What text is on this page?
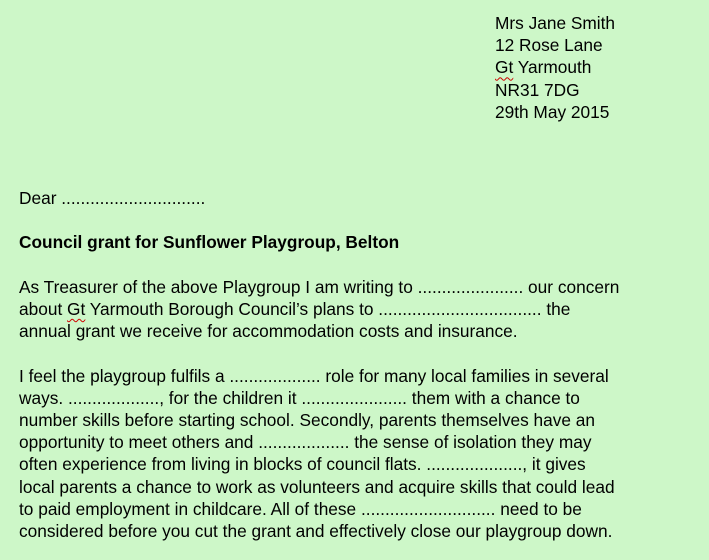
Mrs Jane Smith
12 Rose Lane
Gt Yarmouth
NR31 7DG
29th May 2015
Dear ..............................
Council grant for Sunflower Playgroup, Belton
As Treasurer of the above Playgroup I am writing to ...................... our concern
about Gt Yarmouth Borough Council’s plans to .................................. the
annual grant we receive for accommodation costs and insurance.
I feel the playgroup fulfils a ................... role for many local families in several
ways. ..................., for the children it ...................... them with a chance to
number skills before starting school. Secondly, parents themselves have an
opportunity to meet others and ................... the sense of isolation they may
often experience from living in blocks of council flats. ...................., it gives
local parents a chance to work as volunteers and acquire skills that could lead
to paid employment in childcare. All of these ............................ need to be
considered before you cut the grant and effectively close our playgroup down.
